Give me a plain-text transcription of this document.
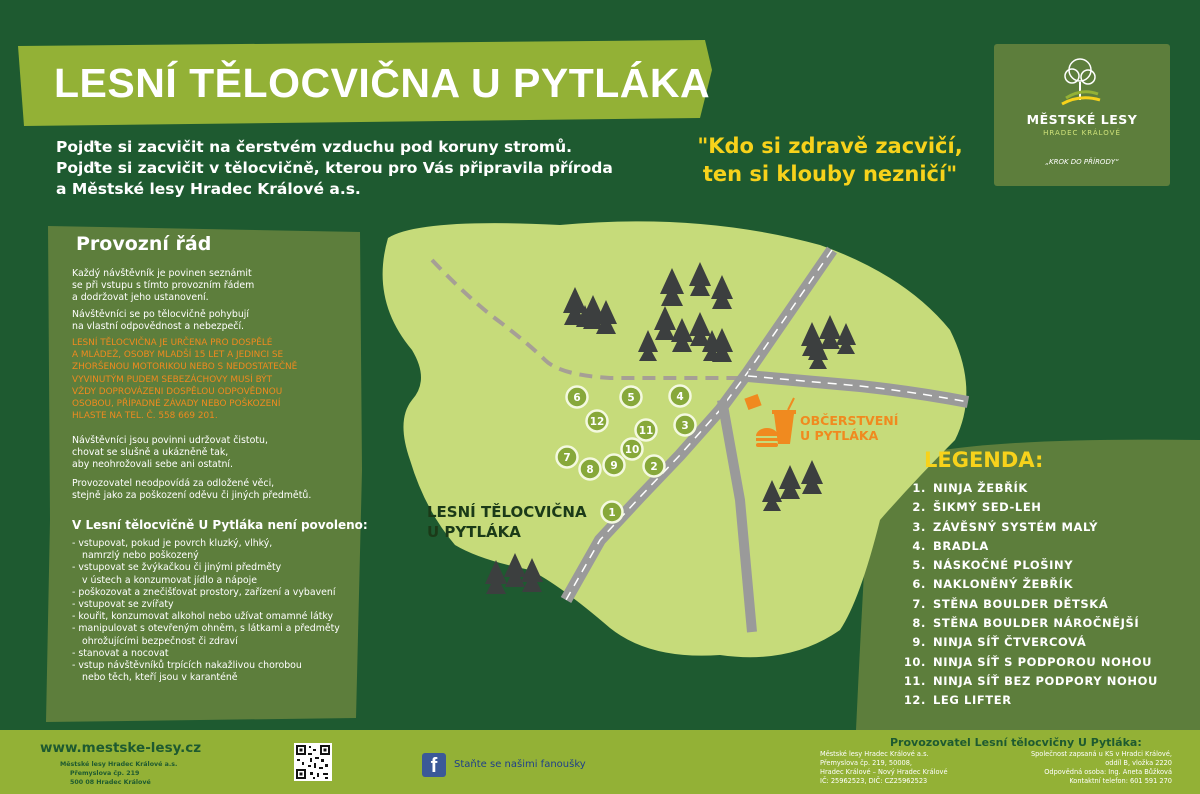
6	5	4
12
11	3
10
7
8 9	2
1
LESNÍ TĚLOCVIČNA U PYTLÁKA
Pojďte si zacvičit na čerstvém vzduchu pod koruny stromů.
Pojďte si zacvičit v tělocvičně, kterou pro Vás připravila příroda
a Městské lesy Hradec Králové a.s.
"Kdo si zdravě zacvičí,
ten si klouby nezničí"
MĚSTSKÉ LESY
HRADEC KRÁLOVÉ
„KROK DO PŘÍRODY“
Provozní řád

Každý návštěvník je povinen seznámit

se při vstupu s tímto provozním řádem

a dodržovat jeho ustanovení.

Návštěvníci se po tělocvičně pohybují

na vlastní odpovědnost a nebezpečí.

LESNÍ TĚLOCVIČNA JE URČENA PRO DOSPĚLÉ

A MLÁDEŽ, OSOBY MLADŠÍ 15 LET A JEDINCI SE

ZHORŠENOU MOTORIKOU NEBO S NEDOSTATEČNĚ

VYVINUTÝM PUDEM SEBEZÁCHOVY MUSÍ BÝT

VŽDY DOPROVÁZENI DOSPĚLOU ODPOVĚDNOU

OSOBOU, PŘÍPADNÉ ZÁVADY NEBO POŠKOZENÍ

HLASTE NA TEL. Č. 558 669 201.

Návštěvníci jsou povinni udržovat čistotu,

chovat se slušně a ukázněně tak,

aby neohrožovali sebe ani ostatní.

Provozovatel neodpovídá za odložené věci,

stejně jako za poškození oděvu či jiných předmětů.

V Lesní tělocvičně U Pytláka není povoleno:
- vstupovat, pokud je povrch kluzký, vlhký,
namrzlý nebo poškozený
- vstupovat se žvýkačkou či jinými předměty
v ústech a konzumovat jídlo a nápoje
- poškozovat a znečišťovat prostory, zařízení a vybavení
- vstupovat se zvířaty
- kouřit, konzumovat alkohol nebo užívat omamné látky
- manipulovat s otevřeným ohněm, s látkami a předměty
ohrožujícími bezpečnost či zdraví
- stanovat a nocovat
- vstup návštěvníků trpících nakažlivou chorobou
nebo těch, kteří jsou v karanténě
LESNÍ TĚLOCVIČNA
U PYTLÁKA
OBČERSTVENÍ
U PYTLÁKA
LEGENDA:
1. NINJA ŽEBŘÍK
2. ŠIKMÝ SED-LEH
3. ZÁVĚSNÝ SYSTÉM MALÝ
4. BRADLA
5. NÁSKOČNÉ PLOŠINY
6. NAKLONĚNÝ ŽEBŘÍK
7. STĚNA BOULDER DĚTSKÁ
8. STĚNA BOULDER NÁROČNĚJŠÍ
9. NINJA SÍŤ ČTVERCOVÁ
10. NINJA SÍŤ S PODPOROU NOHOU
11. NINJA SÍŤ BEZ PODPORY NOHOU
12. LEG LIFTER
www.mestske-lesy.cz
Městské lesy Hradec Králové a.s.
Přemyslova čp. 219
500 08 Hradec Králové
f	Staňte se našimi fanoušky
Provozovatel Lesní tělocvičny U Pytláka:
Městské lesy Hradec Králové a.s.
Přemyslova čp. 219, 50008,
Hradec Králové – Nový Hradec Králové
IČ: 25962523, DIČ: CZ25962523
Společnost zapsaná u KS v Hradci Králové,
oddíl B, vložka 2220
Odpovědná osoba: Ing. Aneta Bůžková
Kontaktní telefon: 601 591 270
